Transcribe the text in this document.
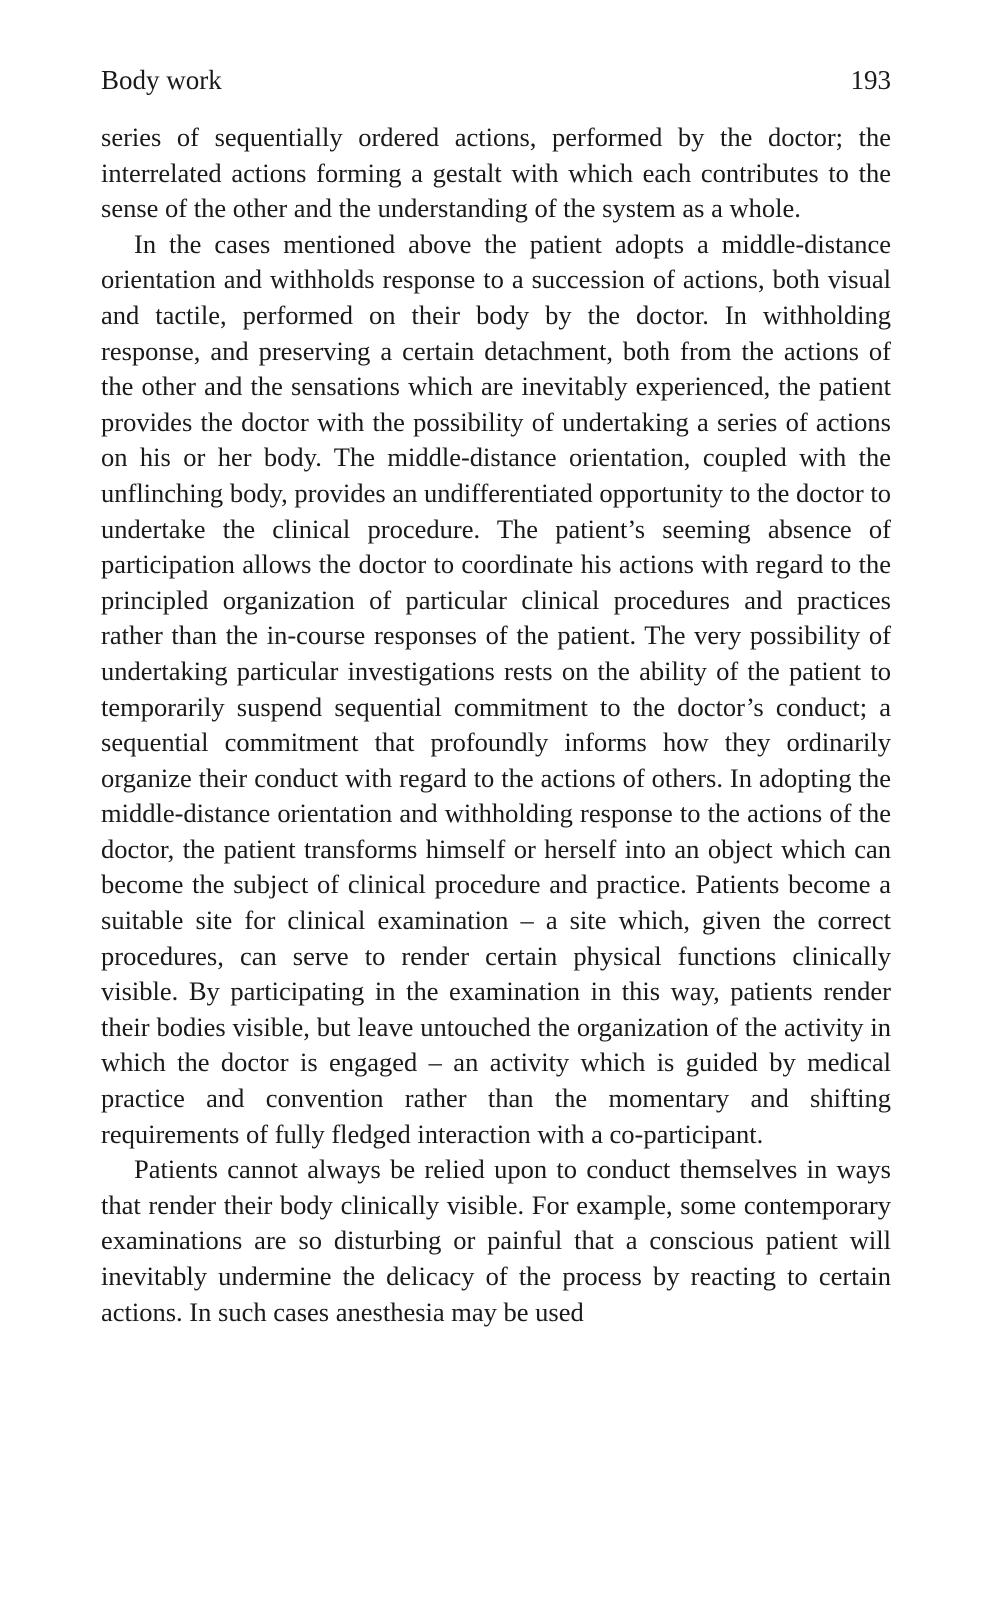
Body work	193

series of sequentially ordered actions, performed by the doctor; the interrelated actions forming a gestalt with which each contributes to the sense of the other and the understanding of the system as a whole.

In the cases mentioned above the patient adopts a middle-distance orientation and withholds response to a succession of actions, both visual and tactile, performed on their body by the doctor. In withholding response, and preserving a certain detachment, both from the actions of the other and the sensations which are inevitably experienced, the patient provides the doctor with the possibility of undertaking a series of actions on his or her body. The middle-distance orientation, coupled with the unflinching body, provides an undifferentiated opportunity to the doctor to undertake the clinical procedure. The patient’s seeming absence of participation allows the doctor to coordinate his actions with regard to the principled organization of particular clinical procedures and practices rather than the in-course responses of the patient. The very possibility of undertaking particular investigations rests on the ability of the patient to temporarily suspend sequential commitment to the doctor’s conduct; a sequential commitment that profoundly informs how they ordinarily organize their conduct with regard to the actions of others. In adopting the middle-distance orientation and withholding response to the actions of the doctor, the patient transforms himself or herself into an object which can become the subject of clinical procedure and practice. Patients become a suitable site for clinical examination – a site which, given the correct procedures, can serve to render certain physical functions clinically visible. By participating in the examination in this way, patients render their bodies visible, but leave untouched the organization of the activity in which the doctor is engaged – an activity which is guided by medical practice and convention rather than the momentary and shifting requirements of fully fledged interaction with a co-participant.

Patients cannot always be relied upon to conduct themselves in ways that render their body clinically visible. For example, some contemporary examinations are so disturbing or painful that a conscious patient will inevitably undermine the delicacy of the process by reacting to certain actions. In such cases anesthesia may be used
